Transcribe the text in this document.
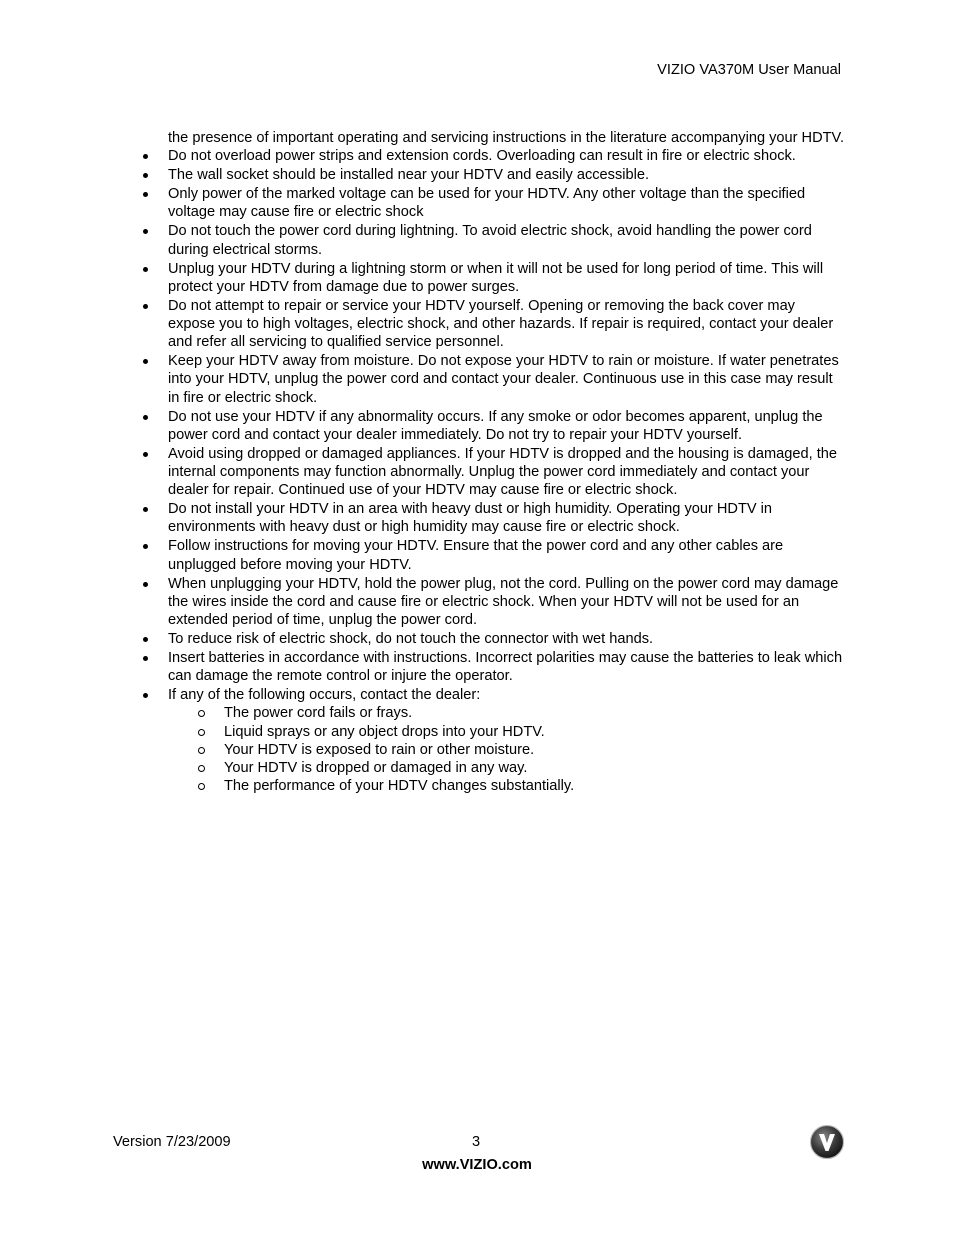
VIZIO VA370M User Manual
the presence of important operating and servicing instructions in the literature accompanying your HDTV.
Do not overload power strips and extension cords. Overloading can result in fire or electric shock.
The wall socket should be installed near your HDTV and easily accessible.
Only power of the marked voltage can be used for your HDTV. Any other voltage than the specified voltage may cause fire or electric shock
Do not touch the power cord during lightning. To avoid electric shock, avoid handling the power cord during electrical storms.
Unplug your HDTV during a lightning storm or when it will not be used for long period of time. This will protect your HDTV from damage due to power surges.
Do not attempt to repair or service your HDTV yourself. Opening or removing the back cover may expose you to high voltages, electric shock, and other hazards. If repair is required, contact your dealer and refer all servicing to qualified service personnel.
Keep your HDTV away from moisture. Do not expose your HDTV to rain or moisture. If water penetrates into your HDTV, unplug the power cord and contact your dealer. Continuous use in this case may result in fire or electric shock.
Do not use your HDTV if any abnormality occurs. If any smoke or odor becomes apparent, unplug the power cord and contact your dealer immediately. Do not try to repair your HDTV yourself.
Avoid using dropped or damaged appliances. If your HDTV is dropped and the housing is damaged, the internal components may function abnormally. Unplug the power cord immediately and contact your dealer for repair. Continued use of your HDTV may cause fire or electric shock.
Do not install your HDTV in an area with heavy dust or high humidity. Operating your HDTV in environments with heavy dust or high humidity may cause fire or electric shock.
Follow instructions for moving your HDTV. Ensure that the power cord and any other cables are unplugged before moving your HDTV.
When unplugging your HDTV, hold the power plug, not the cord. Pulling on the power cord may damage the wires inside the cord and cause fire or electric shock. When your HDTV will not be used for an extended period of time, unplug the power cord.
To reduce risk of electric shock, do not touch the connector with wet hands.
Insert batteries in accordance with instructions. Incorrect polarities may cause the batteries to leak which can damage the remote control or injure the operator.
If any of the following occurs, contact the dealer:
The power cord fails or frays.
Liquid sprays or any object drops into your HDTV.
Your HDTV is exposed to rain or other moisture.
Your HDTV is dropped or damaged in any way.
The performance of your HDTV changes substantially.
Version 7/23/2009	3
www.VIZIO.com
